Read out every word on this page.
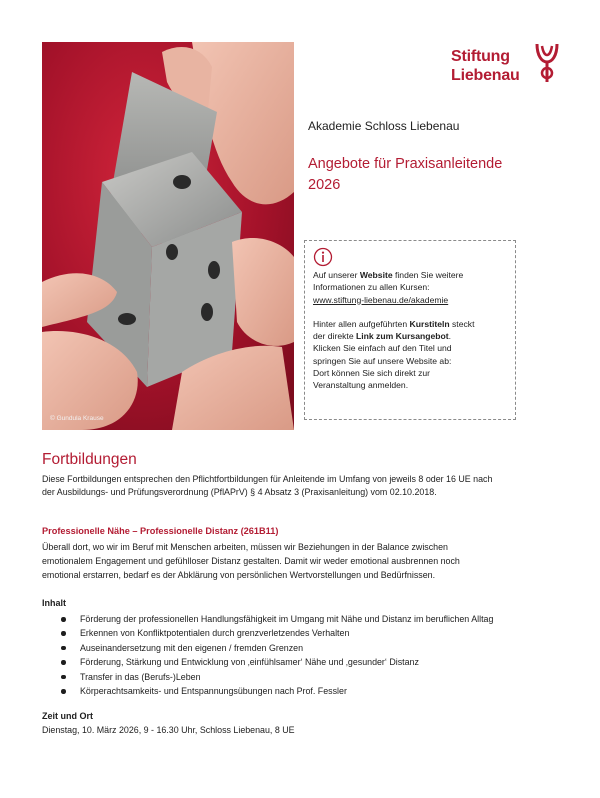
© Gundula Krause
Stiftung
Liebenau
Akademie Schloss Liebenau
Angebote für Praxisanleitende
2026

Auf unserer Website finden Sie weitere
Informationen zu allen Kursen:
www.stiftung-liebenau.de/akademie

Hinter allen aufgeführten Kurstiteln steckt
der direkte Link zum Kursangebot.
Klicken Sie einfach auf den Titel und
springen Sie auf unsere Website ab:
Dort können Sie sich direkt zur
Veranstaltung anmelden.

Fortbildungen
Diese Fortbildungen entsprechen den Pflichtfortbildungen für Anleitende im Umfang von jeweils 8 oder 16 UE nach
der Ausbildungs- und Prüfungsverordnung (PflAPrV) § 4 Absatz 3 (Praxisanleitung) vom 02.10.2018.
Professionelle Nähe – Professionelle Distanz (261B11)
Überall dort, wo wir im Beruf mit Menschen arbeiten, müssen wir Beziehungen in der Balance zwischen
emotionalem Engagement und gefühlloser Distanz gestalten. Damit wir weder emotional ausbrennen noch
emotional erstarren, bedarf es der Abklärung von persönlichen Wertvorstellungen und Bedürfnissen.
Inhalt
Förderung der professionellen Handlungsfähigkeit im Umgang mit Nähe und Distanz im beruflichen Alltag
Erkennen von Konfliktpotentialen durch grenzverletzendes Verhalten
Auseinandersetzung mit den eigenen / fremden Grenzen
Förderung, Stärkung und Entwicklung von ‚einfühlsamer‘ Nähe und ‚gesunder‘ Distanz
Transfer in das (Berufs-)Leben
Körperachtsamkeits- und Entspannungsübungen nach Prof. Fessler
Zeit und Ort
Dienstag, 10. März 2026, 9 - 16.30 Uhr, Schloss Liebenau, 8 UE
